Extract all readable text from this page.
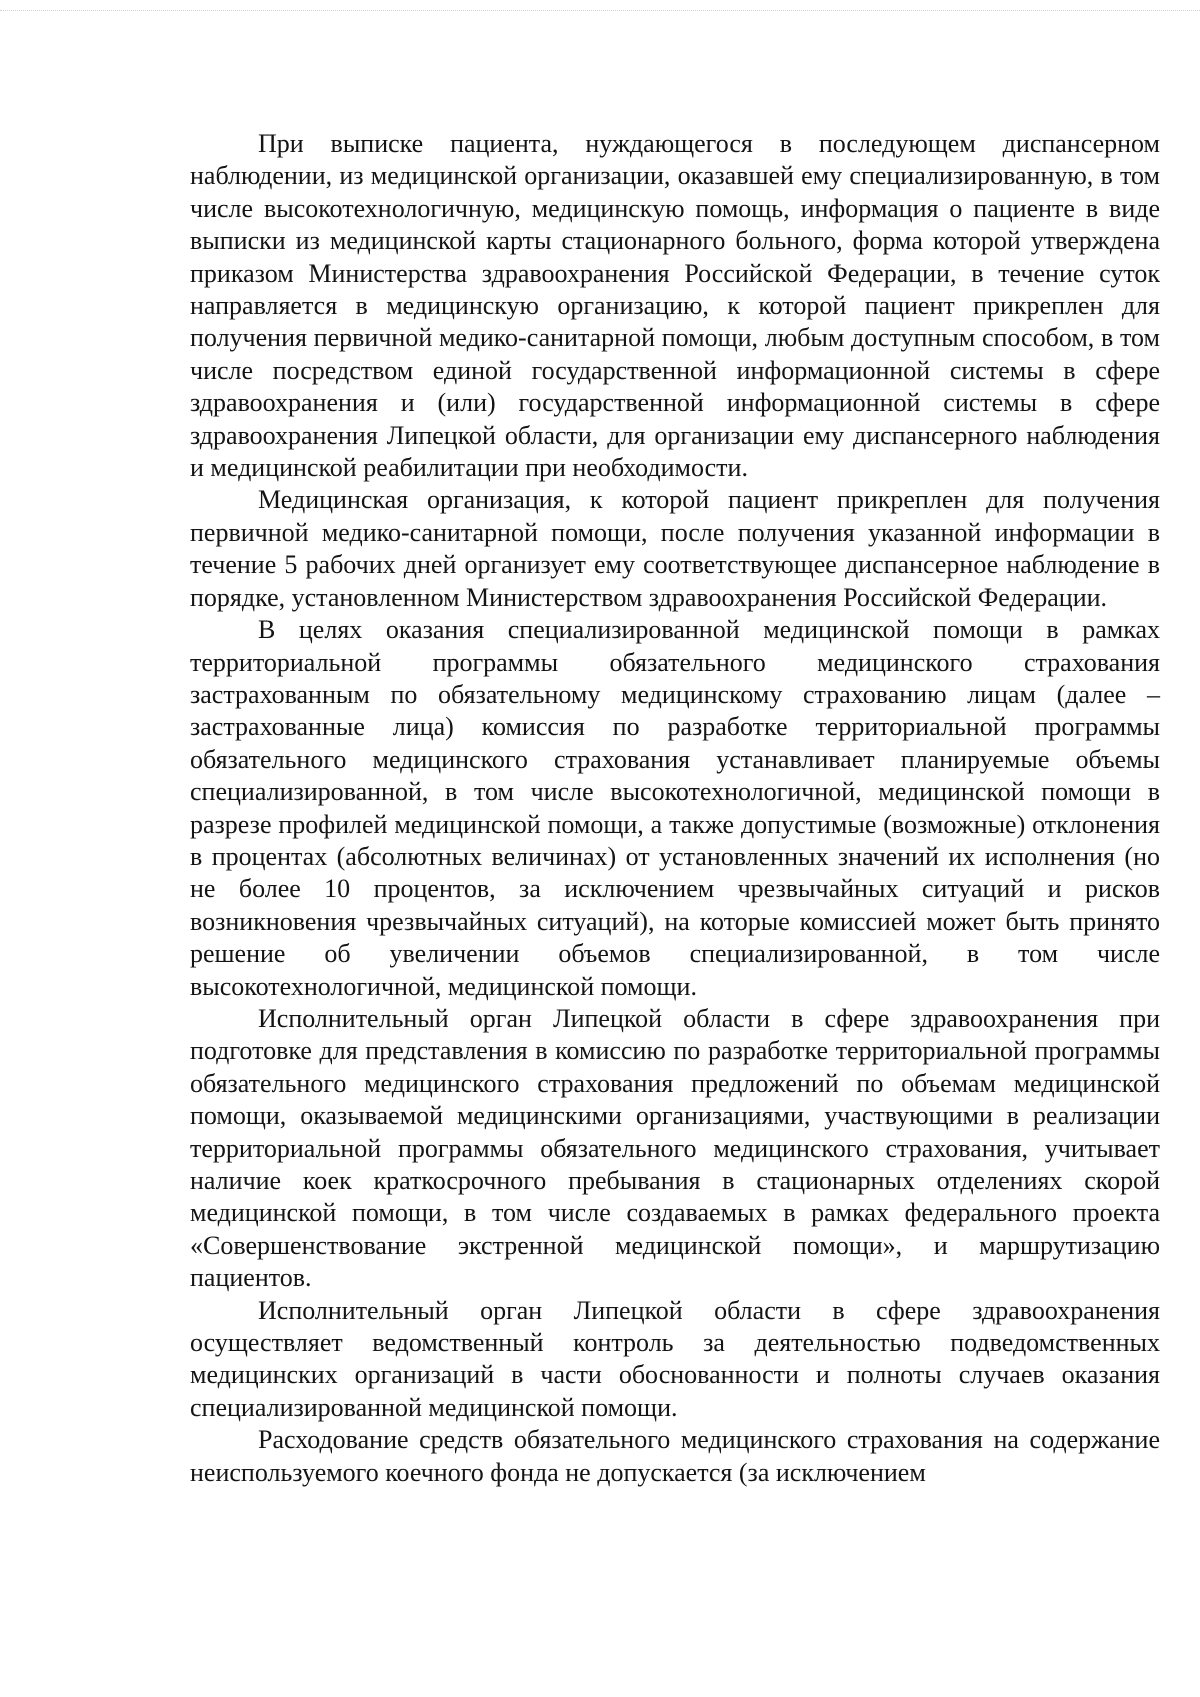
При выписке пациента, нуждающегося в последующем диспансерном наблюдении, из медицинской организации, оказавшей ему специализированную, в том числе высокотехнологичную, медицинскую помощь, информация о пациенте в виде выписки из медицинской карты стационарного больного, форма которой утверждена приказом Министерства здравоохранения Российской Федерации, в течение суток направляется в медицинскую организацию, к которой пациент прикреплен для получения первичной медико-санитарной помощи, любым доступным способом, в том числе посредством единой государственной информационной системы в сфере здравоохранения и (или) государственной информационной системы в сфере здравоохранения Липецкой области, для организации ему диспансерного наблюдения и медицинской реабилитации при необходимости.

Медицинская организация, к которой пациент прикреплен для получения первичной медико-санитарной помощи, после получения указанной информации в течение 5 рабочих дней организует ему соответствующее диспансерное наблюдение в порядке, установленном Министерством здравоохранения Российской Федерации.

В целях оказания специализированной медицинской помощи в рамках территориальной программы обязательного медицинского страхования застрахованным по обязательному медицинскому страхованию лицам (далее – застрахованные лица) комиссия по разработке территориальной программы обязательного медицинского страхования устанавливает планируемые объемы специализированной, в том числе высокотехнологичной, медицинской помощи в разрезе профилей медицинской помощи, а также допустимые (возможные) отклонения в процентах (абсолютных величинах) от установленных значений их исполнения (но не более 10 процентов, за исключением чрезвычайных ситуаций и рисков возникновения чрезвычайных ситуаций), на которые комиссией может быть принято решение об увеличении объемов специализированной, в том числе высокотехнологичной, медицинской помощи.

Исполнительный орган Липецкой области в сфере здравоохранения при подготовке для представления в комиссию по разработке территориальной программы обязательного медицинского страхования предложений по объемам медицинской помощи, оказываемой медицинскими организациями, участвующими в реализации территориальной программы обязательного медицинского страхования, учитывает наличие коек краткосрочного пребывания в стационарных отделениях скорой медицинской помощи, в том числе создаваемых в рамках федерального проекта «Совершенствование экстренной медицинской помощи», и маршрутизацию пациентов.

Исполнительный орган Липецкой области в сфере здравоохранения осуществляет ведомственный контроль за деятельностью подведомственных медицинских организаций в части обоснованности и полноты случаев оказания специализированной медицинской помощи.

Расходование средств обязательного медицинского страхования на содержание неиспользуемого коечного фонда не допускается (за исключением
